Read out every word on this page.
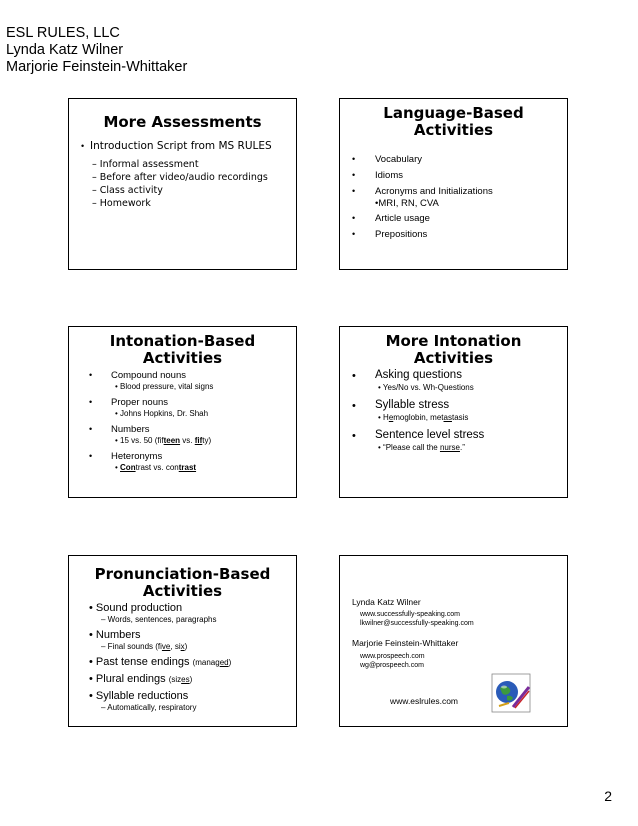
ESL RULES, LLC
Lynda Katz Wilner
Marjorie Feinstein-Whittaker
More Assessments
• Introduction Script from MS RULES
– Informal assessment
– Before after video/audio recordings
– Class activity
– Homework
Language-Based
Activities
• Vocabulary
• Idioms
• Acronyms and Initializations
•MRI, RN, CVA
• Article usage
• Prepositions
Intonation-Based
Activities
• Compound nouns
• Blood pressure, vital signs
• Proper nouns
• Johns Hopkins, Dr. Shah
• Numbers
• 15 vs. 50 (fifteen vs. fifty)
• Heteronyms
• Contrast vs. contrast
More Intonation
Activities
• Asking questions
• Yes/No vs. Wh-Questions
• Syllable stress
• Hemoglobin, metastasis
• Sentence level stress
• “Please call the nurse.”
Pronunciation-Based
Activities
• Sound production
– Words, sentences, paragraphs
• Numbers
– Final sounds (five, six)
• Past tense endings (managed)
• Plural endings (sizes)
• Syllable reductions
– Automatically, respiratory
Lynda Katz Wilner
www.successfully-speaking.com
lkwilner@successfully-speaking.com
Marjorie Feinstein-Whittaker
www.prospeech.com
wg@prospeech.com
www.eslrules.com
2
